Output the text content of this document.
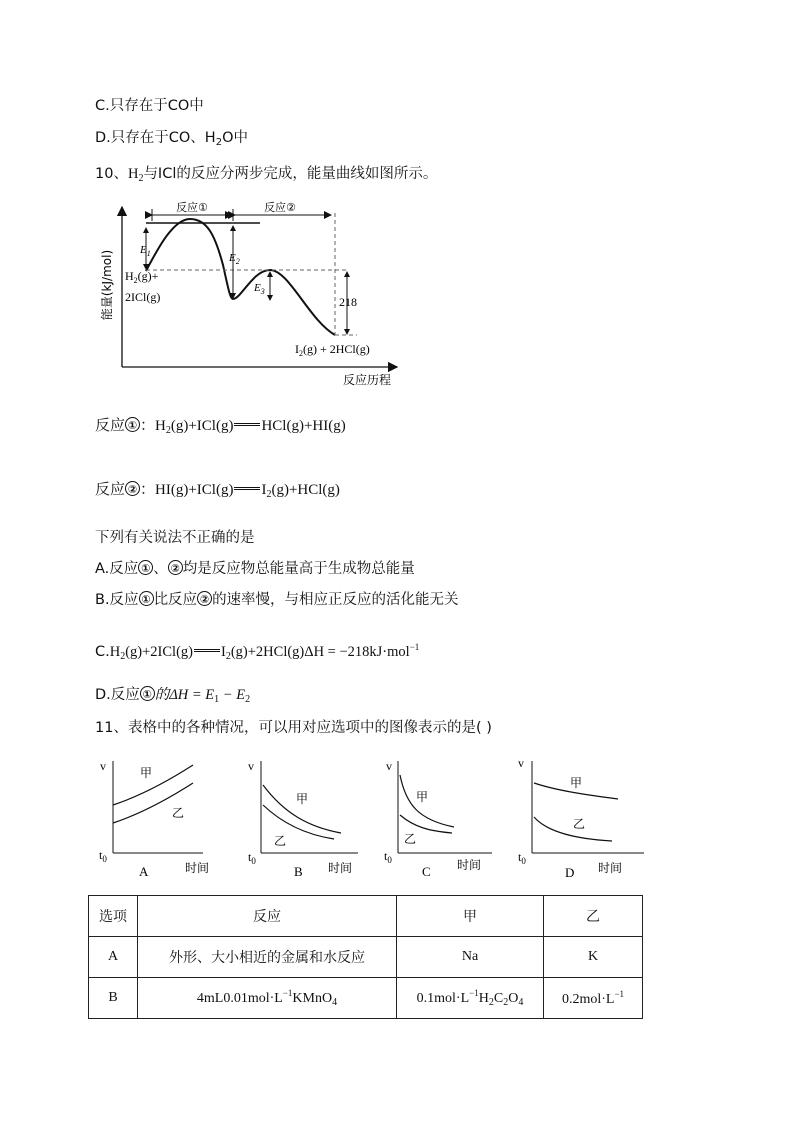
C.只存在于CO中
D.只存在于CO、$H_2O$中
10、$H_2$与ICl的反应分两步完成，能量曲线如图所示。
能量(kJ/mol)
反应历程
反应①	反应②
$E_1$	$E_2$
$E_3$
218
$H_2(g)+$
2ICl(g)
$I_2(g) + 2HCl(g)$
反应 ① ：$H_2(g)+ICl(g)$ HCl(g)+HI(g)
反应 ② ：HI(g)+ICl(g) $I_2(g)+HCl(g)$
下列有关说法不正确的是
A.反应 ① 、 ② 均是反应物总能量高于生成物总能量
B.反应 ① 比反应 ② 的速率慢，与相应正反应的活化能无关
$C.H_2(g)+2ICl(g) I_2(g)+2HCl(g)\Delta H = -218kJ\cdot mol^{-1}$
D.反应 ① 的$\Delta H = E_1 - E_2$
11、表格中的各种情况，可以用对应选项中的图像表示的是( )
v	甲
乙
$t_0$
A	时间
v
甲
乙
$t_0$
B 时间
v
甲
乙
$t_0$
C 时间
v
甲
乙
$t_0$
D 时间
选项	反应	甲	乙
A	外形、大小相近的金属和水反应	Na	K
B	$4mL0.01mol\cdot L^{-1}KMnO_4$	$0.1mol\cdot L^{-1}H_2C_2O_4$	$0.2mol\cdot L^{-1}$
